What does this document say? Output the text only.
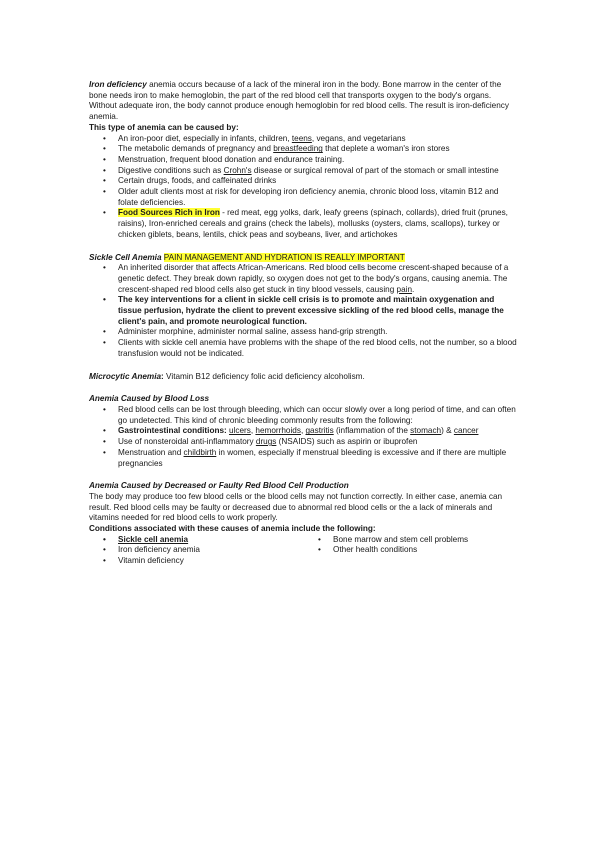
Iron deficiency anemia occurs because of a lack of the mineral iron in the body. Bone marrow in the center of the bone needs iron to make hemoglobin, the part of the red blood cell that transports oxygen to the body's organs. Without adequate iron, the body cannot produce enough hemoglobin for red blood cells. The result is iron-deficiency anemia.

This type of anemia can be caused by:

• An iron-poor diet, especially in infants, children, teens, vegans, and vegetarians
• The metabolic demands of pregnancy and breastfeeding that deplete a woman's iron stores
• Menstruation, frequent blood donation and endurance training.
• Digestive conditions such as Crohn's disease or surgical removal of part of the stomach or small intestine
• Certain drugs, foods, and caffeinated drinks
• Older adult clients most at risk for developing iron deficiency anemia, chronic blood loss, vitamin B12 and folate deficiencies.
• Food Sources Rich in Iron - red meat, egg yolks, dark, leafy greens (spinach, collards), dried fruit (prunes, raisins), Iron-enriched cereals and grains (check the labels), mollusks (oysters, clams, scallops), turkey or chicken giblets, beans, lentils, chick peas and soybeans, liver, and artichokes

Sickle Cell Anemia PAIN MANAGEMENT AND HYDRATION IS REALLY IMPORTANT

• An inherited disorder that affects African-Americans. Red blood cells become crescent-shaped because of a genetic defect. They break down rapidly, so oxygen does not get to the body's organs, causing anemia. The crescent-shaped red blood cells also get stuck in tiny blood vessels, causing pain.
• The key interventions for a client in sickle cell crisis is to promote and maintain oxygenation and tissue perfusion, hydrate the client to prevent excessive sickling of the red blood cells, manage the client's pain, and promote neurological function.
• Administer morphine, administer normal saline, assess hand-grip strength.
• Clients with sickle cell anemia have problems with the shape of the red blood cells, not the number, so a blood transfusion would not be indicated.

Microcytic Anemia: Vitamin B12 deficiency folic acid deficiency alcoholism.

Anemia Caused by Blood Loss

• Red blood cells can be lost through bleeding, which can occur slowly over a long period of time, and can often go undetected. This kind of chronic bleeding commonly results from the following:
• Gastrointestinal conditions: ulcers, hemorrhoids, gastritis (inflammation of the stomach) & cancer
• Use of nonsteroidal anti-inflammatory drugs (NSAIDS) such as aspirin or ibuprofen
• Menstruation and childbirth in women, especially if menstrual bleeding is excessive and if there are multiple pregnancies

Anemia Caused by Decreased or Faulty Red Blood Cell Production

The body may produce too few blood cells or the blood cells may not function correctly. In either case, anemia can result. Red blood cells may be faulty or decreased due to abnormal red blood cells or the a lack of minerals and vitamins needed for red blood cells to work properly.

Conditions associated with these causes of anemia include the following:

• Sickle cell anemia
• Iron deficiency anemia
• Vitamin deficiency
• Bone marrow and stem cell problems
• Other health conditions
